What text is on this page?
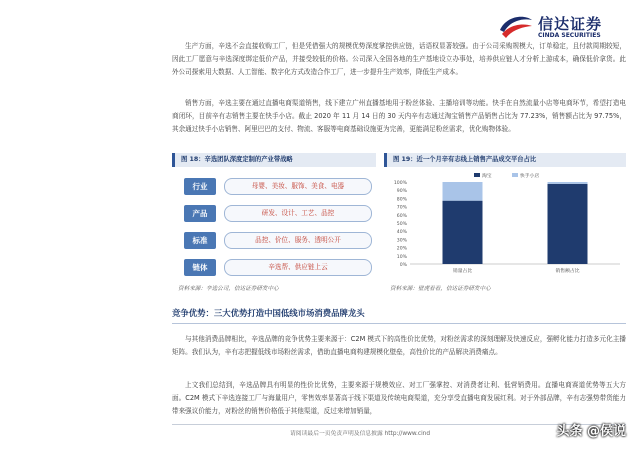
信达证券
CINDA SECURITIES

生产方面，辛选不会直接收购工厂，但是凭借强大的规模优势深度掌控供应链，话语权显著较强。由于公司采购规模大，订单稳定，且付款周期较短，因此工厂愿意与辛选深度绑定低价产品，并接受较低的价格。公司深入全国各地的生产基地设立办事处，培养供应链人才分析上游成本，确保低价拿货。此外公司探索用大数据、人工智能、数字化方式改造合作工厂，进一步提升生产效率，降低生产成本。

销售方面，辛选主要在通过直播电商渠道销售，线下建立广州直播基地用于粉丝体验、主播培训等功能。快手在自然流量小店等电商环节，希望打造电商闭环，目前辛有志销售主要在快手小店。截止 2020 年 11 月 14 日的 30 天内辛有志通过淘宝销售产品销售占比为 77.23%，销售额占比为 97.75%，其余通过快手小店销售、阿里巴巴的支付、物流、客服等电商基础设施更为完善，更能满足粉丝需求，优化购物体验。

图 18：辛选团队深度定制的产业带战略	图 19：近一个月辛有志线上销售产品成交平台占比
行业	母婴、美妆、服饰、美食、电器
产品	研发、设计、工艺、品控
标准	品控、价位、服务、透明公开
链体	辛选帮、供应链上云	0%
10%
20%
30%
40%
50%
60%
70%
80%
90%
100%
淘宝	快手小店
销量占比	销售额占比
资料来源：辛选公司，信达证券研发中心	资料来源：壁虎看看，信达证券研发中心
竞争优势：三大优势打造中国低线市场消费品牌龙头

与其他消费品牌相比，辛选品牌的竞争优势主要来源于：C2M 模式下的高性价比优势，对粉丝需求的深刻理解及快速反应，强孵化能力打造多元化主播矩阵。我们认为，辛有志把握低线市场粉丝需求，借助直播电商构建规模化壁垒，高性价比的产品解决消费痛点。

上文我们总结到，辛选品牌具有明显的性价比优势，主要来源于规模效应、对工厂强掌控、对消费者让利、低营销费用。直播电商赛道优势等五大方面。C2M 模式下辛选连接工厂与海量用户，零售效率显著高于线下渠道及传统电商渠道，充分享受直播电商发展红利。对于外部品牌，辛有志强势带货能力带来强议价能力，对粉丝的销售价格低于其他渠道，反过来增加销量，

请阅读最后一页免责声明及信息披露 http://www.cind	头条 @侯说
